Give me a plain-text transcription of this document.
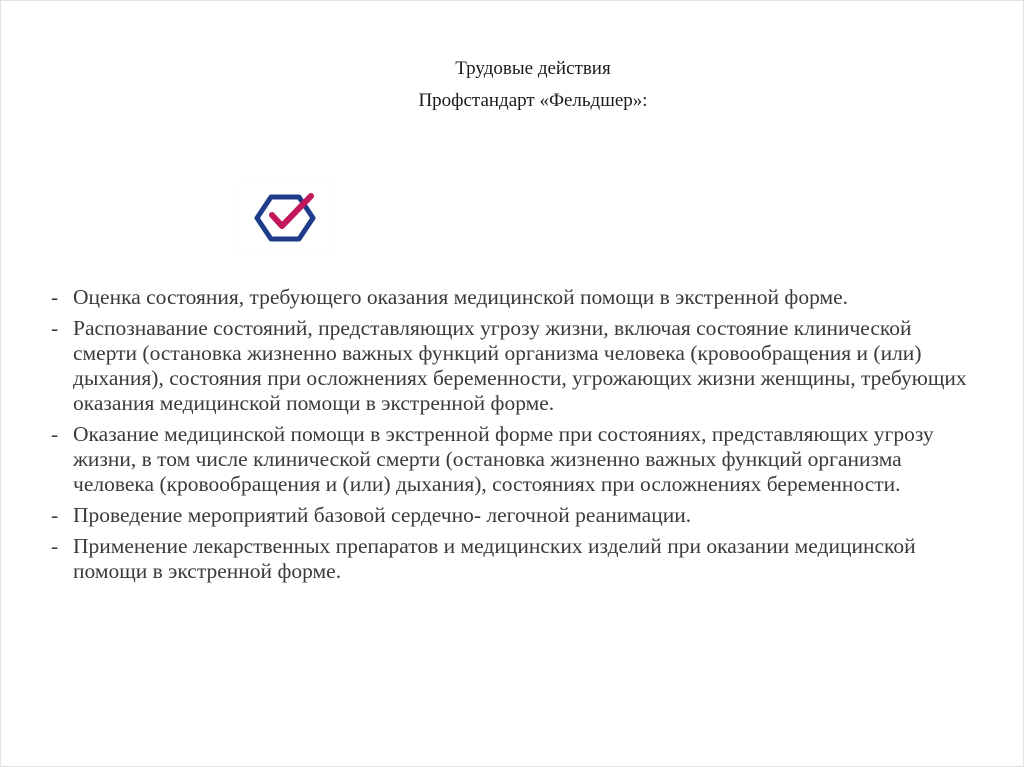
Трудовые действия
Профстандарт «Фельдшер»:
- Оценка состояния, требующего оказания медицинской помощи в экстренной форме.
- Распознавание состояний, представляющих угрозу жизни, включая состояние клинической смерти (остановка жизненно важных функций организма человека (кровообращения и (или) дыхания), состояния при осложнениях беременности, угрожающих жизни женщины, требующих оказания медицинской помощи в экстренной форме.
- Оказание медицинской помощи в экстренной форме при состояниях, представляющих угрозу жизни, в том числе клинической смерти (остановка жизненно важных функций организма человека (кровообращения и (или) дыхания), состояниях при осложнениях беременности.
- Проведение мероприятий базовой сердечно- легочной реанимации.
- Применение лекарственных препаратов и медицинских изделий при оказании медицинской помощи в экстренной форме.
